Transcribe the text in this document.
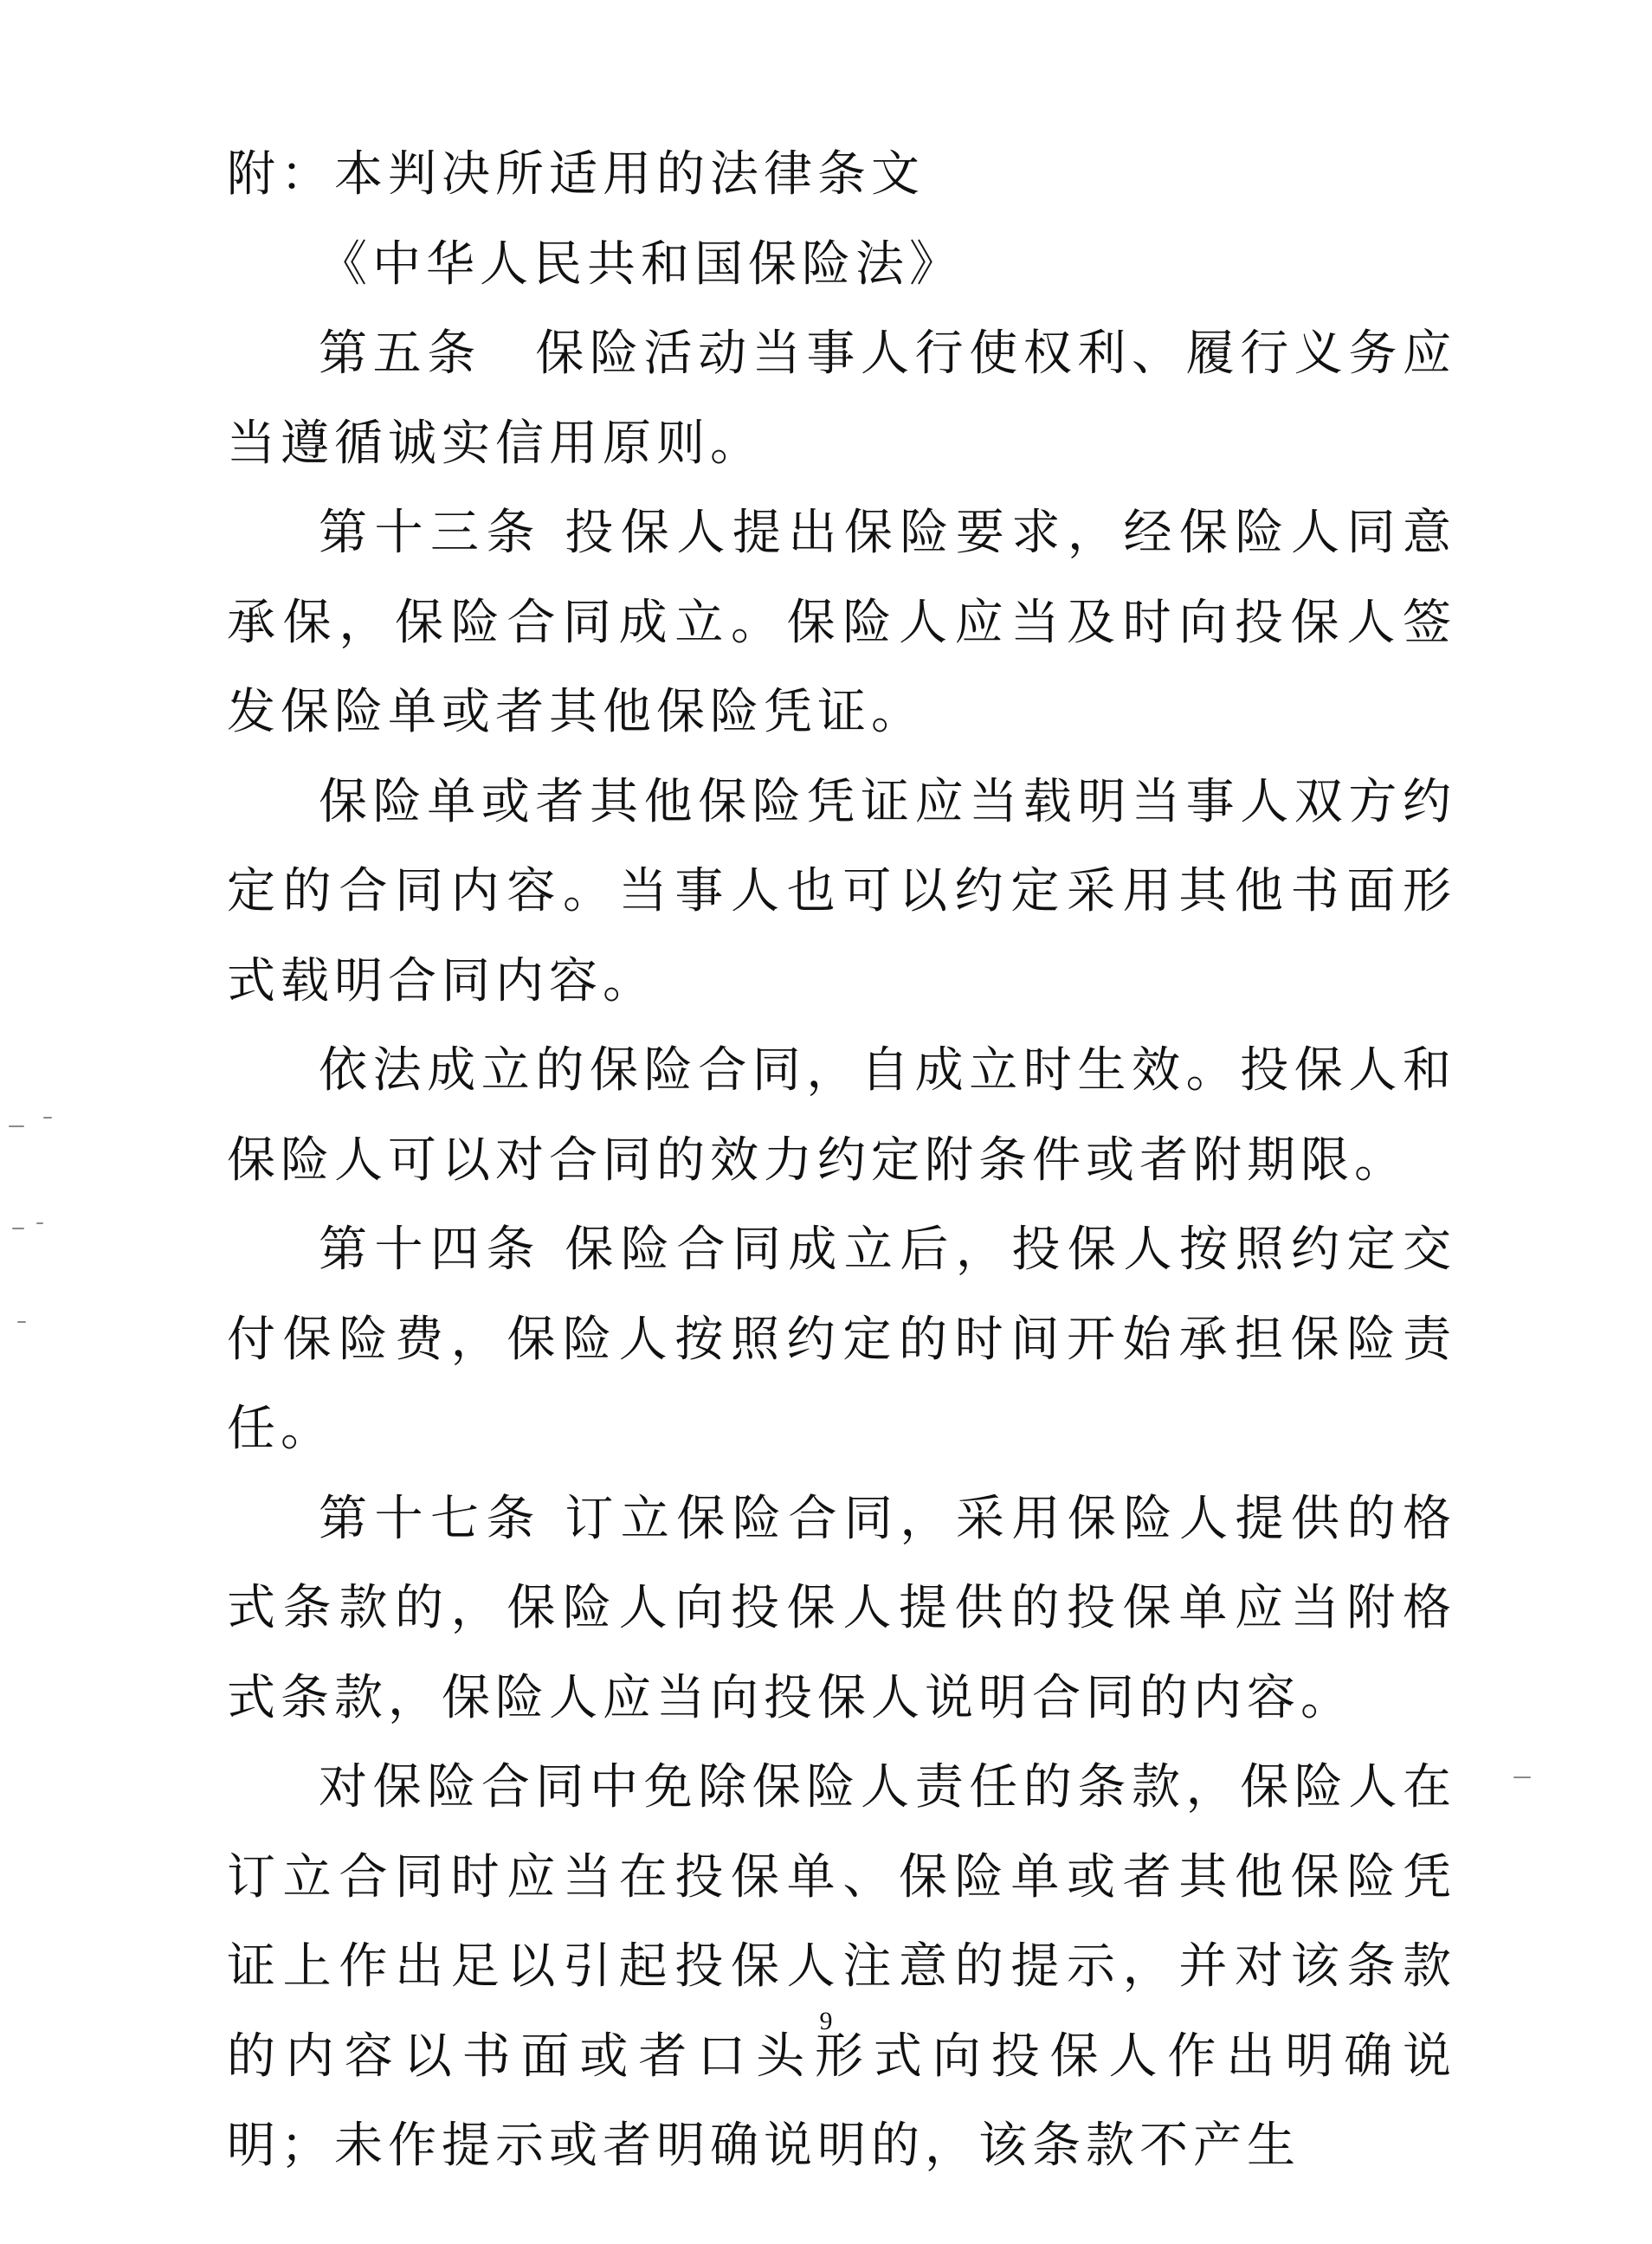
附：本判决所适用的法律条文

《中华人民共和国保险法》

第五条　保险活动当事人行使权利、履行义务应当遵循诚实信用原则。

第十三条 投保人提出保险要求，经保险人同意承保，保险合同成立。保险人应当及时向投保人签发保险单或者其他保险凭证。

保险单或者其他保险凭证应当载明当事人双方约定的合同内容。当事人也可以约定采用其他书面形式载明合同内容。

依法成立的保险合同，自成立时生效。投保人和保险人可以对合同的效力约定附条件或者附期限。

第十四条 保险合同成立后，投保人按照约定交付保险费，保险人按照约定的时间开始承担保险责任。

第十七条 订立保险合同，采用保险人提供的格式条款的，保险人向投保人提供的投保单应当附格式条款，保险人应当向投保人说明合同的内容。

对保险合同中免除保险人责任的条款，保险人在订立合同时应当在投保单、保险单或者其他保险凭证上作出足以引起投保人注意的提示，并对该条款的内容以书面或者口头形式向投保人作出明确说明；未作提示或者明确说明的，该条款不产生

9
